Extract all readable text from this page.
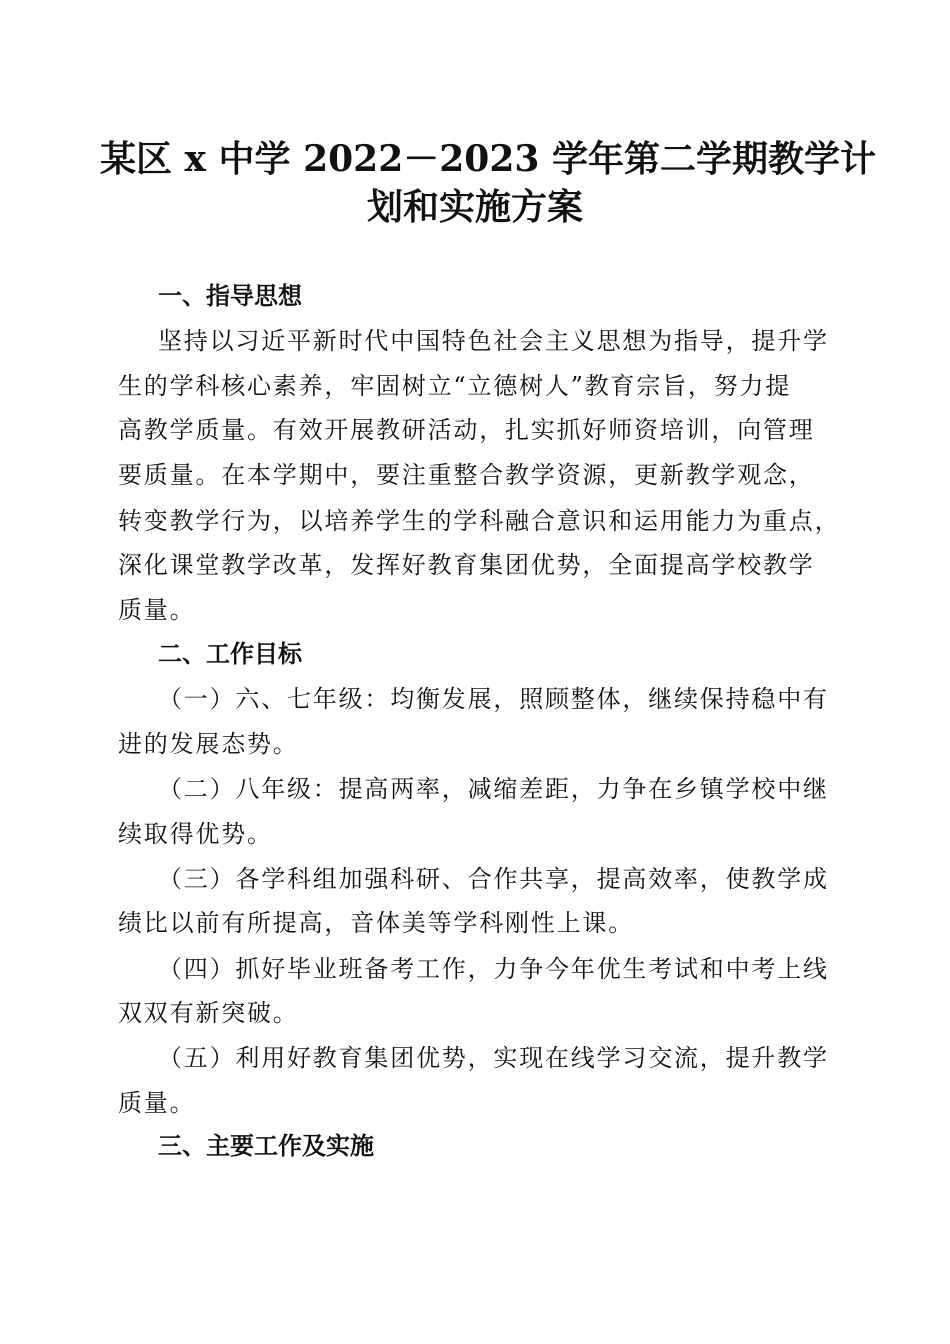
某区 x 中学 2022－2023 学年第二学期教学计
划和实施方案
一、指导思想
坚持以习近平新时代中国特色社会主义思想为指导，提升学
生的学科核心素养，牢固树立“立德树人”教育宗旨，努力提
高教学质量。有效开展教研活动，扎实抓好师资培训，向管理
要质量。在本学期中，要注重整合教学资源，更新教学观念，
转变教学行为，以培养学生的学科融合意识和运用能力为重点，
深化课堂教学改革，发挥好教育集团优势，全面提高学校教学
质量。
二、工作目标
（一）六、七年级：均衡发展，照顾整体，继续保持稳中有
进的发展态势。
（二）八年级：提高两率，减缩差距，力争在乡镇学校中继
续取得优势。
（三）各学科组加强科研、合作共享，提高效率，使教学成
绩比以前有所提高，音体美等学科刚性上课。
（四）抓好毕业班备考工作，力争今年优生考试和中考上线
双双有新突破。
（五）利用好教育集团优势，实现在线学习交流，提升教学
质量。
三、主要工作及实施
